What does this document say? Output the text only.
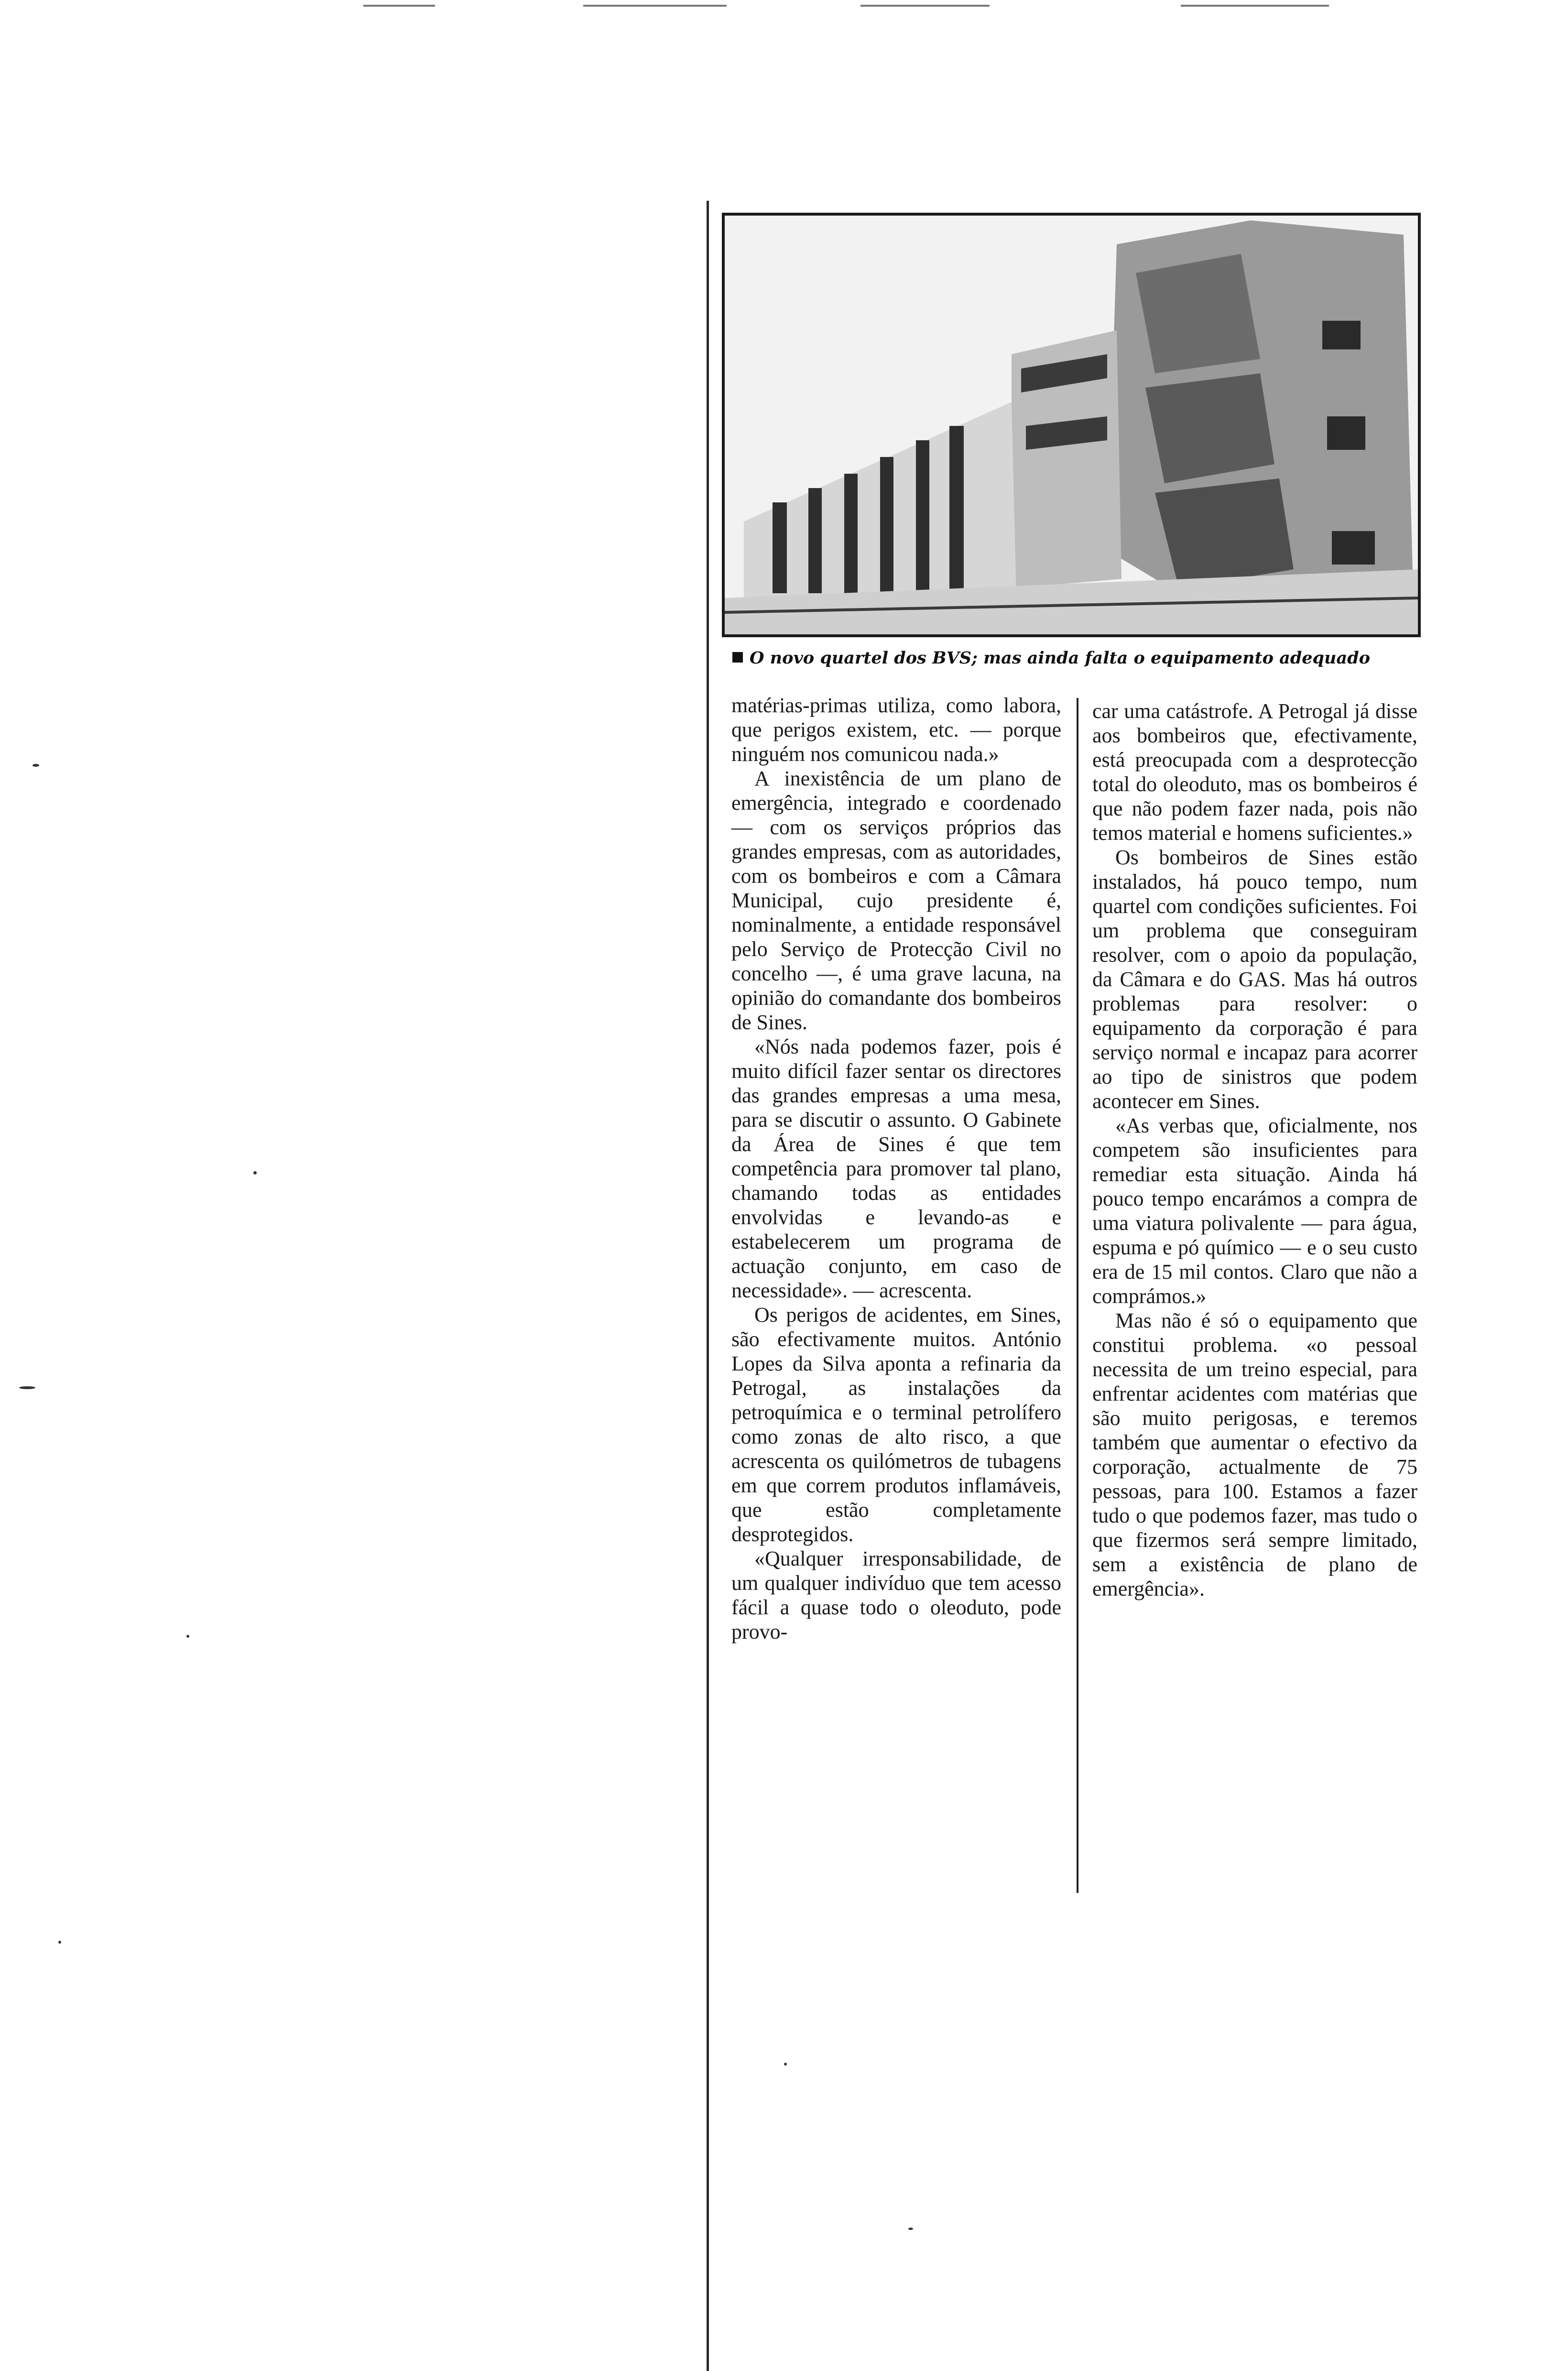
O novo quartel dos BVS; mas ainda falta o equipamento adequado

matérias-primas utiliza, como labora, que perigos existem, etc. — porque ninguém nos comunicou nada.»

A inexistência de um plano de emergência, integrado e coordenado — com os serviços próprios das grandes empresas, com as autoridades, com os bombeiros e com a Câmara Municipal, cujo presidente é, nominalmente, a entidade responsável pelo Serviço de Protecção Civil no concelho —, é uma grave lacuna, na opinião do comandante dos bombeiros de Sines.

«Nós nada podemos fazer, pois é muito difícil fazer sentar os directores das grandes empresas a uma mesa, para se discutir o assunto. O Gabinete da Área de Sines é que tem competência para promover tal plano, chamando todas as entidades envolvidas e levando-as e estabelecerem um programa de actuação conjunto, em caso de necessidade». — acrescenta.

Os perigos de acidentes, em Sines, são efectivamente muitos. António Lopes da Silva aponta a refinaria da Petrogal, as instalações da petroquímica e o terminal petrolífero como zonas de alto risco, a que acrescenta os quilómetros de tubagens em que correm produtos inflamáveis, que estão completamente desprotegidos.

«Qualquer irresponsabilidade, de um qualquer indivíduo que tem acesso fácil a quase todo o oleoduto, pode provo-

car uma catástrofe. A Petrogal já disse aos bombeiros que, efectivamente, está preocupada com a desprotecção total do oleoduto, mas os bombeiros é que não podem fazer nada, pois não temos material e homens suficientes.»

Os bombeiros de Sines estão instalados, há pouco tempo, num quartel com condições suficientes. Foi um problema que conseguiram resolver, com o apoio da população, da Câmara e do GAS. Mas há outros problemas para resolver: o equipamento da corporação é para serviço normal e incapaz para acorrer ao tipo de sinistros que podem acontecer em Sines.

«As verbas que, oficialmente, nos competem são insuficientes para remediar esta situação. Ainda há pouco tempo encarámos a compra de uma viatura polivalente — para água, espuma e pó químico — e o seu custo era de 15 mil contos. Claro que não a comprámos.»

Mas não é só o equipamento que constitui problema. «o pessoal necessita de um treino especial, para enfrentar acidentes com matérias que são muito perigosas, e teremos também que aumentar o efectivo da corporação, actualmente de 75 pessoas, para 100. Estamos a fazer tudo o que podemos fazer, mas tudo o que fizermos será sempre limitado, sem a existência de plano de emergência».
